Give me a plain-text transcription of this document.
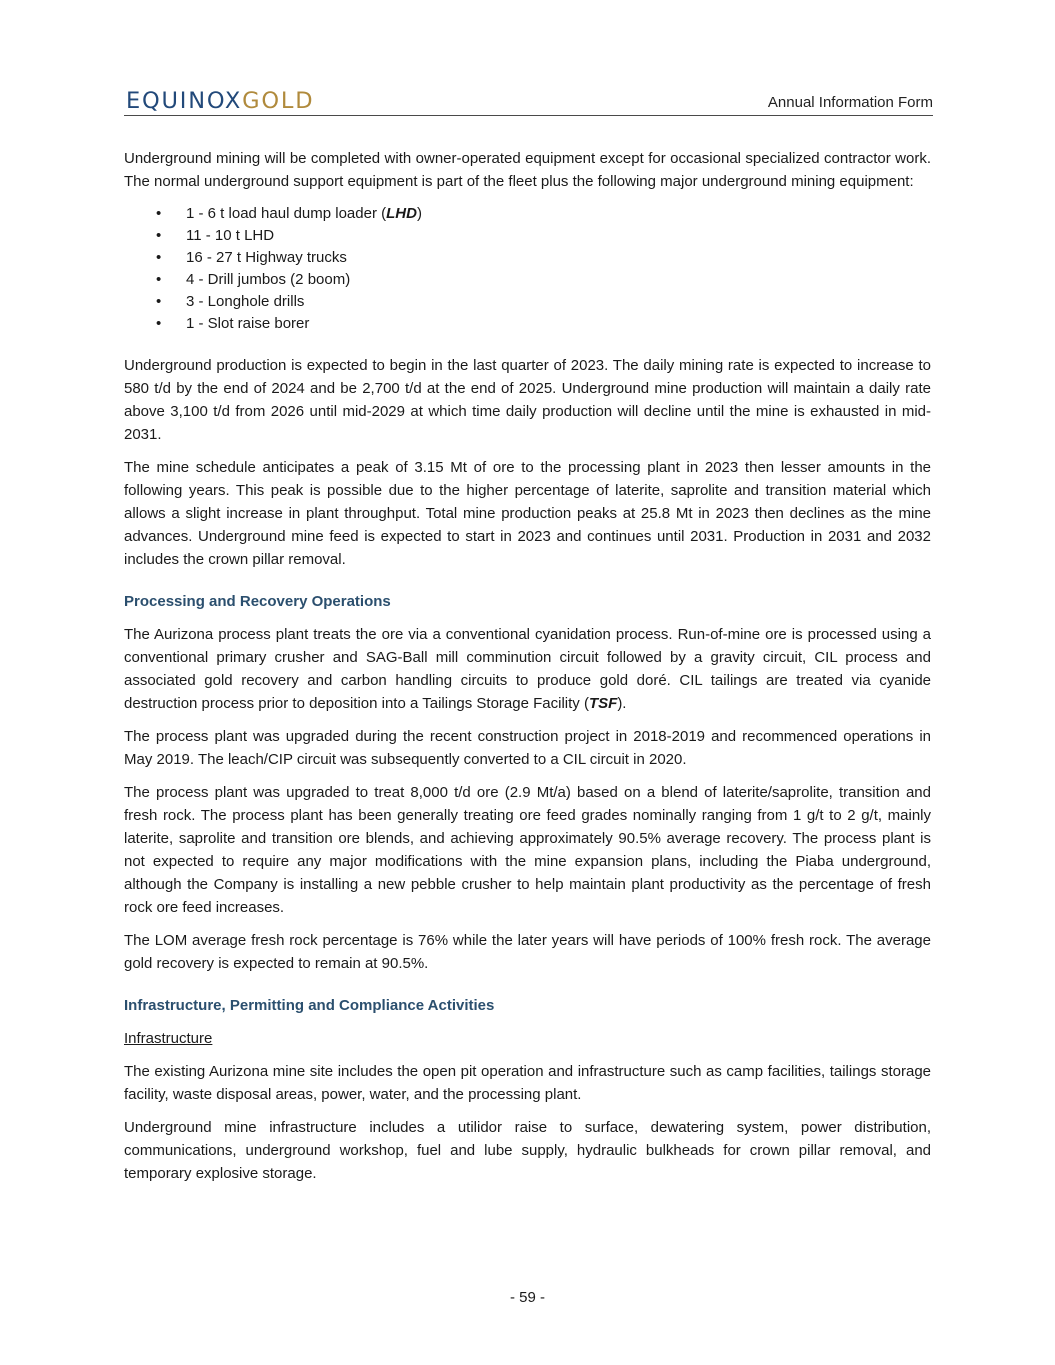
EQUINOXGOLD	Annual Information Form

Underground mining will be completed with owner-operated equipment except for occasional specialized contractor work. The normal underground support equipment is part of the fleet plus the following major underground mining equipment:

• 1 - 6 t load haul dump loader (LHD)
• 11 - 10 t LHD
• 16 - 27 t Highway trucks
• 4 - Drill jumbos (2 boom)
• 3 - Longhole drills
• 1 - Slot raise borer

Underground production is expected to begin in the last quarter of 2023. The daily mining rate is expected to increase to 580 t/d by the end of 2024 and be 2,700 t/d at the end of 2025. Underground mine production will maintain a daily rate above 3,100 t/d from 2026 until mid-2029 at which time daily production will decline until the mine is exhausted in mid-2031.

The mine schedule anticipates a peak of 3.15 Mt of ore to the processing plant in 2023 then lesser amounts in the following years. This peak is possible due to the higher percentage of laterite, saprolite and transition material which allows a slight increase in plant throughput. Total mine production peaks at 25.8 Mt in 2023 then declines as the mine advances. Underground mine feed is expected to start in 2023 and continues until 2031. Production in 2031 and 2032 includes the crown pillar removal.

Processing and Recovery Operations

The Aurizona process plant treats the ore via a conventional cyanidation process. Run-of-mine ore is processed using a conventional primary crusher and SAG-Ball mill comminution circuit followed by a gravity circuit, CIL process and associated gold recovery and carbon handling circuits to produce gold doré. CIL tailings are treated via cyanide destruction process prior to deposition into a Tailings Storage Facility (TSF).

The process plant was upgraded during the recent construction project in 2018-2019 and recommenced operations in May 2019. The leach/CIP circuit was subsequently converted to a CIL circuit in 2020.

The process plant was upgraded to treat 8,000 t/d ore (2.9 Mt/a) based on a blend of laterite/saprolite, transition and fresh rock. The process plant has been generally treating ore feed grades nominally ranging from 1 g/t to 2 g/t, mainly laterite, saprolite and transition ore blends, and achieving approximately 90.5% average recovery. The process plant is not expected to require any major modifications with the mine expansion plans, including the Piaba underground, although the Company is installing a new pebble crusher to help maintain plant productivity as the percentage of fresh rock ore feed increases.

The LOM average fresh rock percentage is 76% while the later years will have periods of 100% fresh rock. The average gold recovery is expected to remain at 90.5%.

Infrastructure, Permitting and Compliance Activities

Infrastructure

The existing Aurizona mine site includes the open pit operation and infrastructure such as camp facilities, tailings storage facility, waste disposal areas, power, water, and the processing plant.

Underground mine infrastructure includes a utilidor raise to surface, dewatering system, power distribution, communications, underground workshop, fuel and lube supply, hydraulic bulkheads for crown pillar removal, and temporary explosive storage.

- 59 -
